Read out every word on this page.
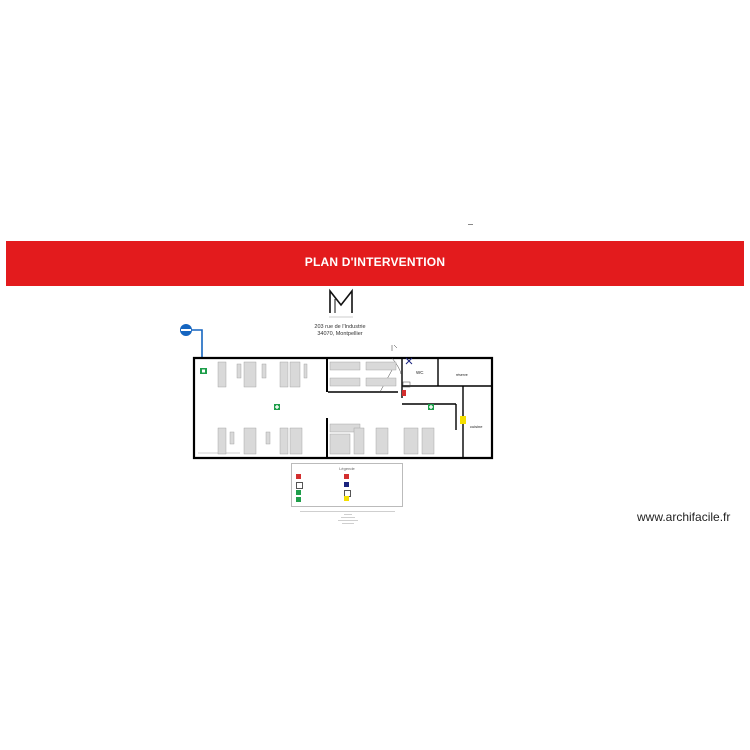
PLAN D'INTERVENTION
203 rue de l'Industrie
34070, Montpellier
WC	réserve
cuisine
Légende
www.archifacile.fr
